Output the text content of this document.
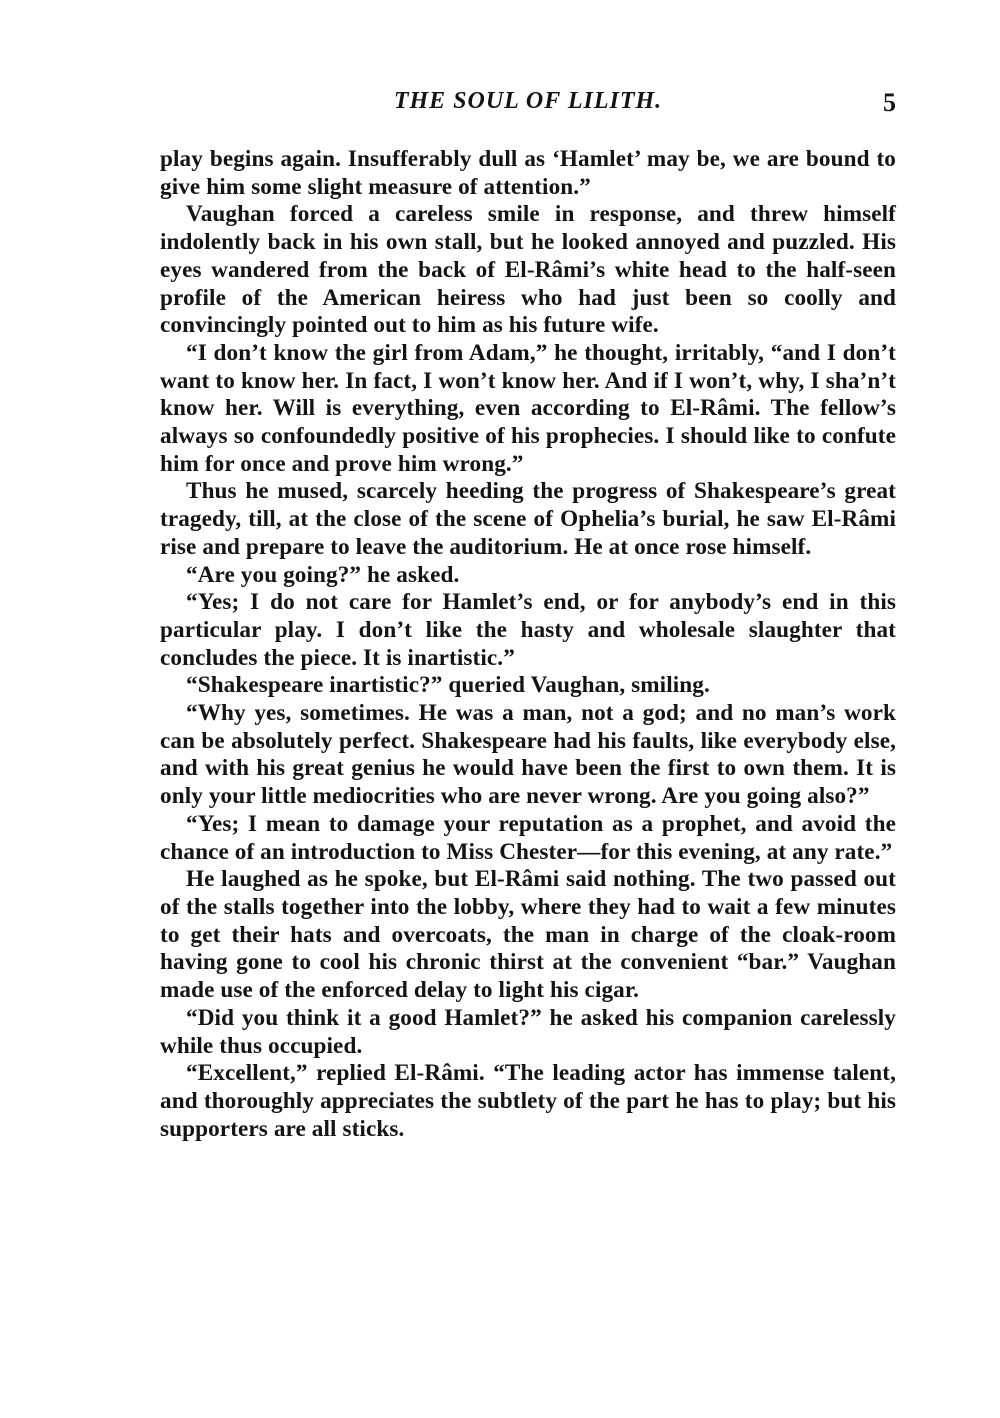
THE SOUL OF LILITH.	5

play begins again. Insufferably dull as ‘Hamlet’ may be, we are bound to give him some slight measure of attention.”

Vaughan forced a careless smile in response, and threw himself indolently back in his own stall, but he looked annoyed and puzzled. His eyes wandered from the back of El-Râmi’s white head to the half-seen profile of the American heiress who had just been so coolly and convincingly pointed out to him as his future wife.

“I don’t know the girl from Adam,” he thought, irritably, “and I don’t want to know her. In fact, I won’t know her. And if I won’t, why, I sha’n’t know her. Will is everything, even according to El-Râmi. The fellow’s always so confoundedly positive of his prophecies. I should like to confute him for once and prove him wrong.”

Thus he mused, scarcely heeding the progress of Shakespeare’s great tragedy, till, at the close of the scene of Ophelia’s burial, he saw El-Râmi rise and prepare to leave the auditorium. He at once rose himself.

“Are you going?” he asked.

“Yes; I do not care for Hamlet’s end, or for anybody’s end in this particular play. I don’t like the hasty and wholesale slaughter that concludes the piece. It is inartistic.”

“Shakespeare inartistic?” queried Vaughan, smiling.

“Why yes, sometimes. He was a man, not a god; and no man’s work can be absolutely perfect. Shakespeare had his faults, like everybody else, and with his great genius he would have been the first to own them. It is only your little mediocrities who are never wrong. Are you going also?”

“Yes; I mean to damage your reputation as a prophet, and avoid the chance of an introduction to Miss Chester—for this evening, at any rate.”

He laughed as he spoke, but El-Râmi said nothing. The two passed out of the stalls together into the lobby, where they had to wait a few minutes to get their hats and overcoats, the man in charge of the cloak-room having gone to cool his chronic thirst at the convenient “bar.” Vaughan made use of the enforced delay to light his cigar.

“Did you think it a good Hamlet?” he asked his companion carelessly while thus occupied.

“Excellent,” replied El-Râmi. “The leading actor has immense talent, and thoroughly appreciates the subtlety of the part he has to play; but his supporters are all sticks.
